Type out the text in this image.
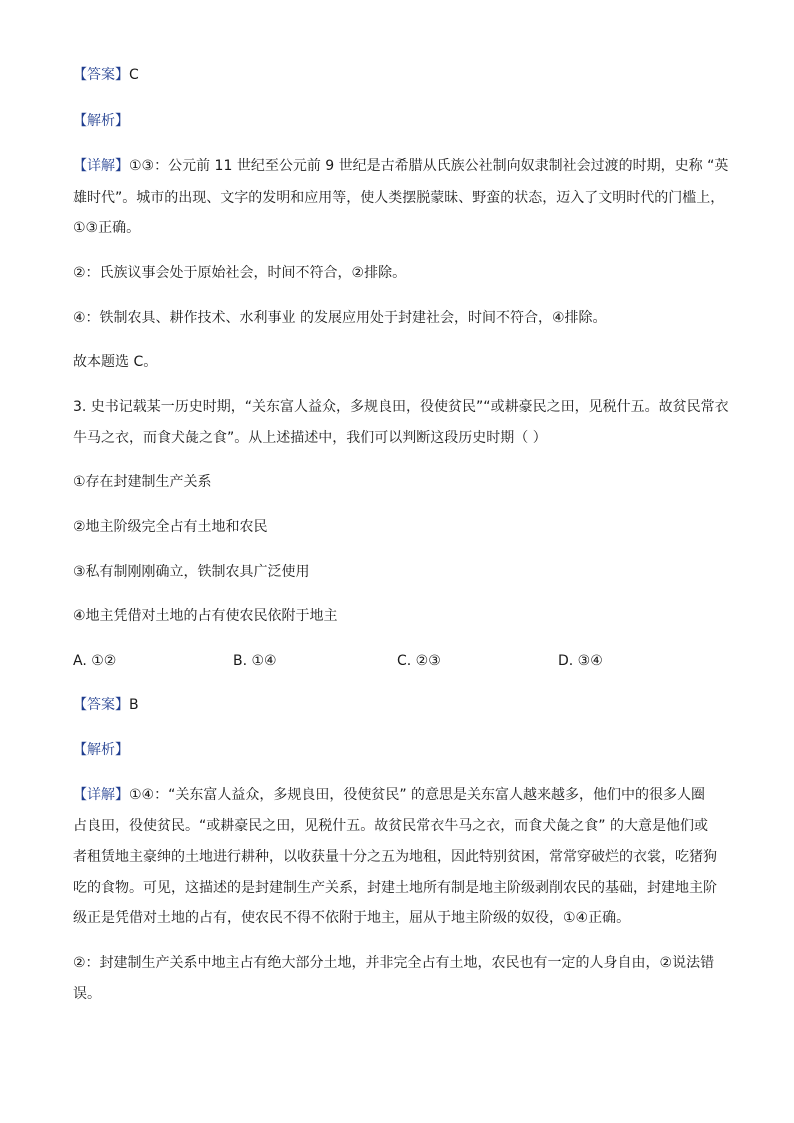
【答案】C
【解析】
【详解】①③：公元前 11 世纪至公元前 9 世纪是古希腊从氏族公社制向奴隶制社会过渡的时期，史称 “英
雄时代”。城市的出现、文字的发明和应用等，使人类摆脱蒙昧、野蛮的状态，迈入了文明时代的门槛上，
①③正确。
②：氏族议事会处于原始社会，时间不符合，②排除。
④：铁制农具、耕作技术、水利事业 的发展应用处于封建社会，时间不符合，④排除。
故本题选 C。
3. 史书记载某一历史时期，“关东富人益众，多规良田，役使贫民”“或耕豪民之田，见税什五。故贫民常衣
牛马之衣，而食犬彘之食”。从上述描述中，我们可以判断这段历史时期（ ）
①存在封建制生产关系
②地主阶级完全占有土地和农民
③私有制刚刚确立，铁制农具广泛使用
④地主凭借对土地的占有使农民依附于地主
A. ①②	B. ①④	C. ②③	D. ③④
【答案】B
【解析】
【详解】①④：“关东富人益众，多规良田，役使贫民” 的意思是关东富人越来越多，他们中的很多人圈
占良田，役使贫民。“或耕豪民之田，见税什五。故贫民常衣牛马之衣，而食犬彘之食” 的大意是他们或
者租赁地主豪绅的土地进行耕种，以收获量十分之五为地租，因此特别贫困，常常穿破烂的衣裳，吃猪狗
吃的食物。可见，这描述的是封建制生产关系，封建土地所有制是地主阶级剥削农民的基础，封建地主阶
级正是凭借对土地的占有，使农民不得不依附于地主，屈从于地主阶级的奴役，①④正确。
②：封建制生产关系中地主占有绝大部分土地，并非完全占有土地，农民也有一定的人身自由，②说法错
误。
